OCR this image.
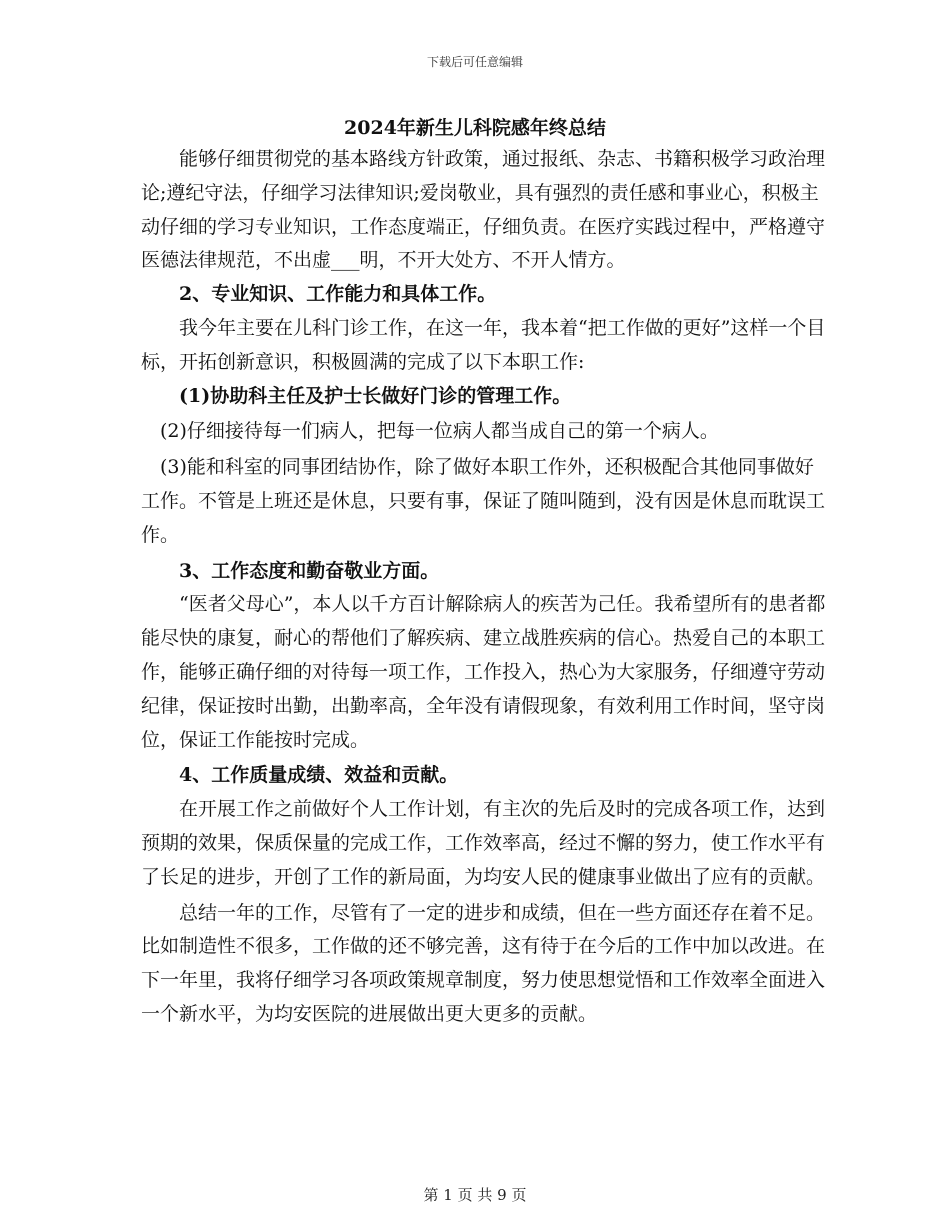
下载后可任意编辑
2024年新生儿科院感年终总结

能够仔细贯彻党的基本路线方针政策，通过报纸、杂志、书籍积极学习政治理论;遵纪守法，仔细学习法律知识;爱岗敬业，具有强烈的责任感和事业心，积极主动仔细的学习专业知识，工作态度端正，仔细负责。在医疗实践过程中，严格遵守医德法律规范，不出虚___明，不开大处方、不开人情方。

2、专业知识、工作能力和具体工作。

我今年主要在儿科门诊工作，在这一年，我本着“把工作做的更好”这样一个目标，开拓创新意识，积极圆满的完成了以下本职工作:

(1)协助科主任及护士长做好门诊的管理工作。

(2)仔细接待每一们病人，把每一位病人都当成自己的第一个病人。

(3)能和科室的同事团结协作，除了做好本职工作外，还积极配合其他同事做好工作。不管是上班还是休息，只要有事，保证了随叫随到，没有因是休息而耽误工作。

3、工作态度和勤奋敬业方面。

“医者父母心”，本人以千方百计解除病人的疾苦为己任。我希望所有的患者都能尽快的康复，耐心的帮他们了解疾病、建立战胜疾病的信心。热爱自己的本职工作，能够正确仔细的对待每一项工作，工作投入，热心为大家服务，仔细遵守劳动纪律，保证按时出勤，出勤率高，全年没有请假现象，有效利用工作时间，坚守岗位，保证工作能按时完成。

4、工作质量成绩、效益和贡献。

在开展工作之前做好个人工作计划，有主次的先后及时的完成各项工作，达到预期的效果，保质保量的完成工作，工作效率高，经过不懈的努力，使工作水平有了长足的进步，开创了工作的新局面，为均安人民的健康事业做出了应有的贡献。

总结一年的工作，尽管有了一定的进步和成绩，但在一些方面还存在着不足。比如制造性不很多，工作做的还不够完善，这有待于在今后的工作中加以改进。在下一年里，我将仔细学习各项政策规章制度，努力使思想觉悟和工作效率全面进入一个新水平，为均安医院的进展做出更大更多的贡献。

第 1 页 共 9 页
